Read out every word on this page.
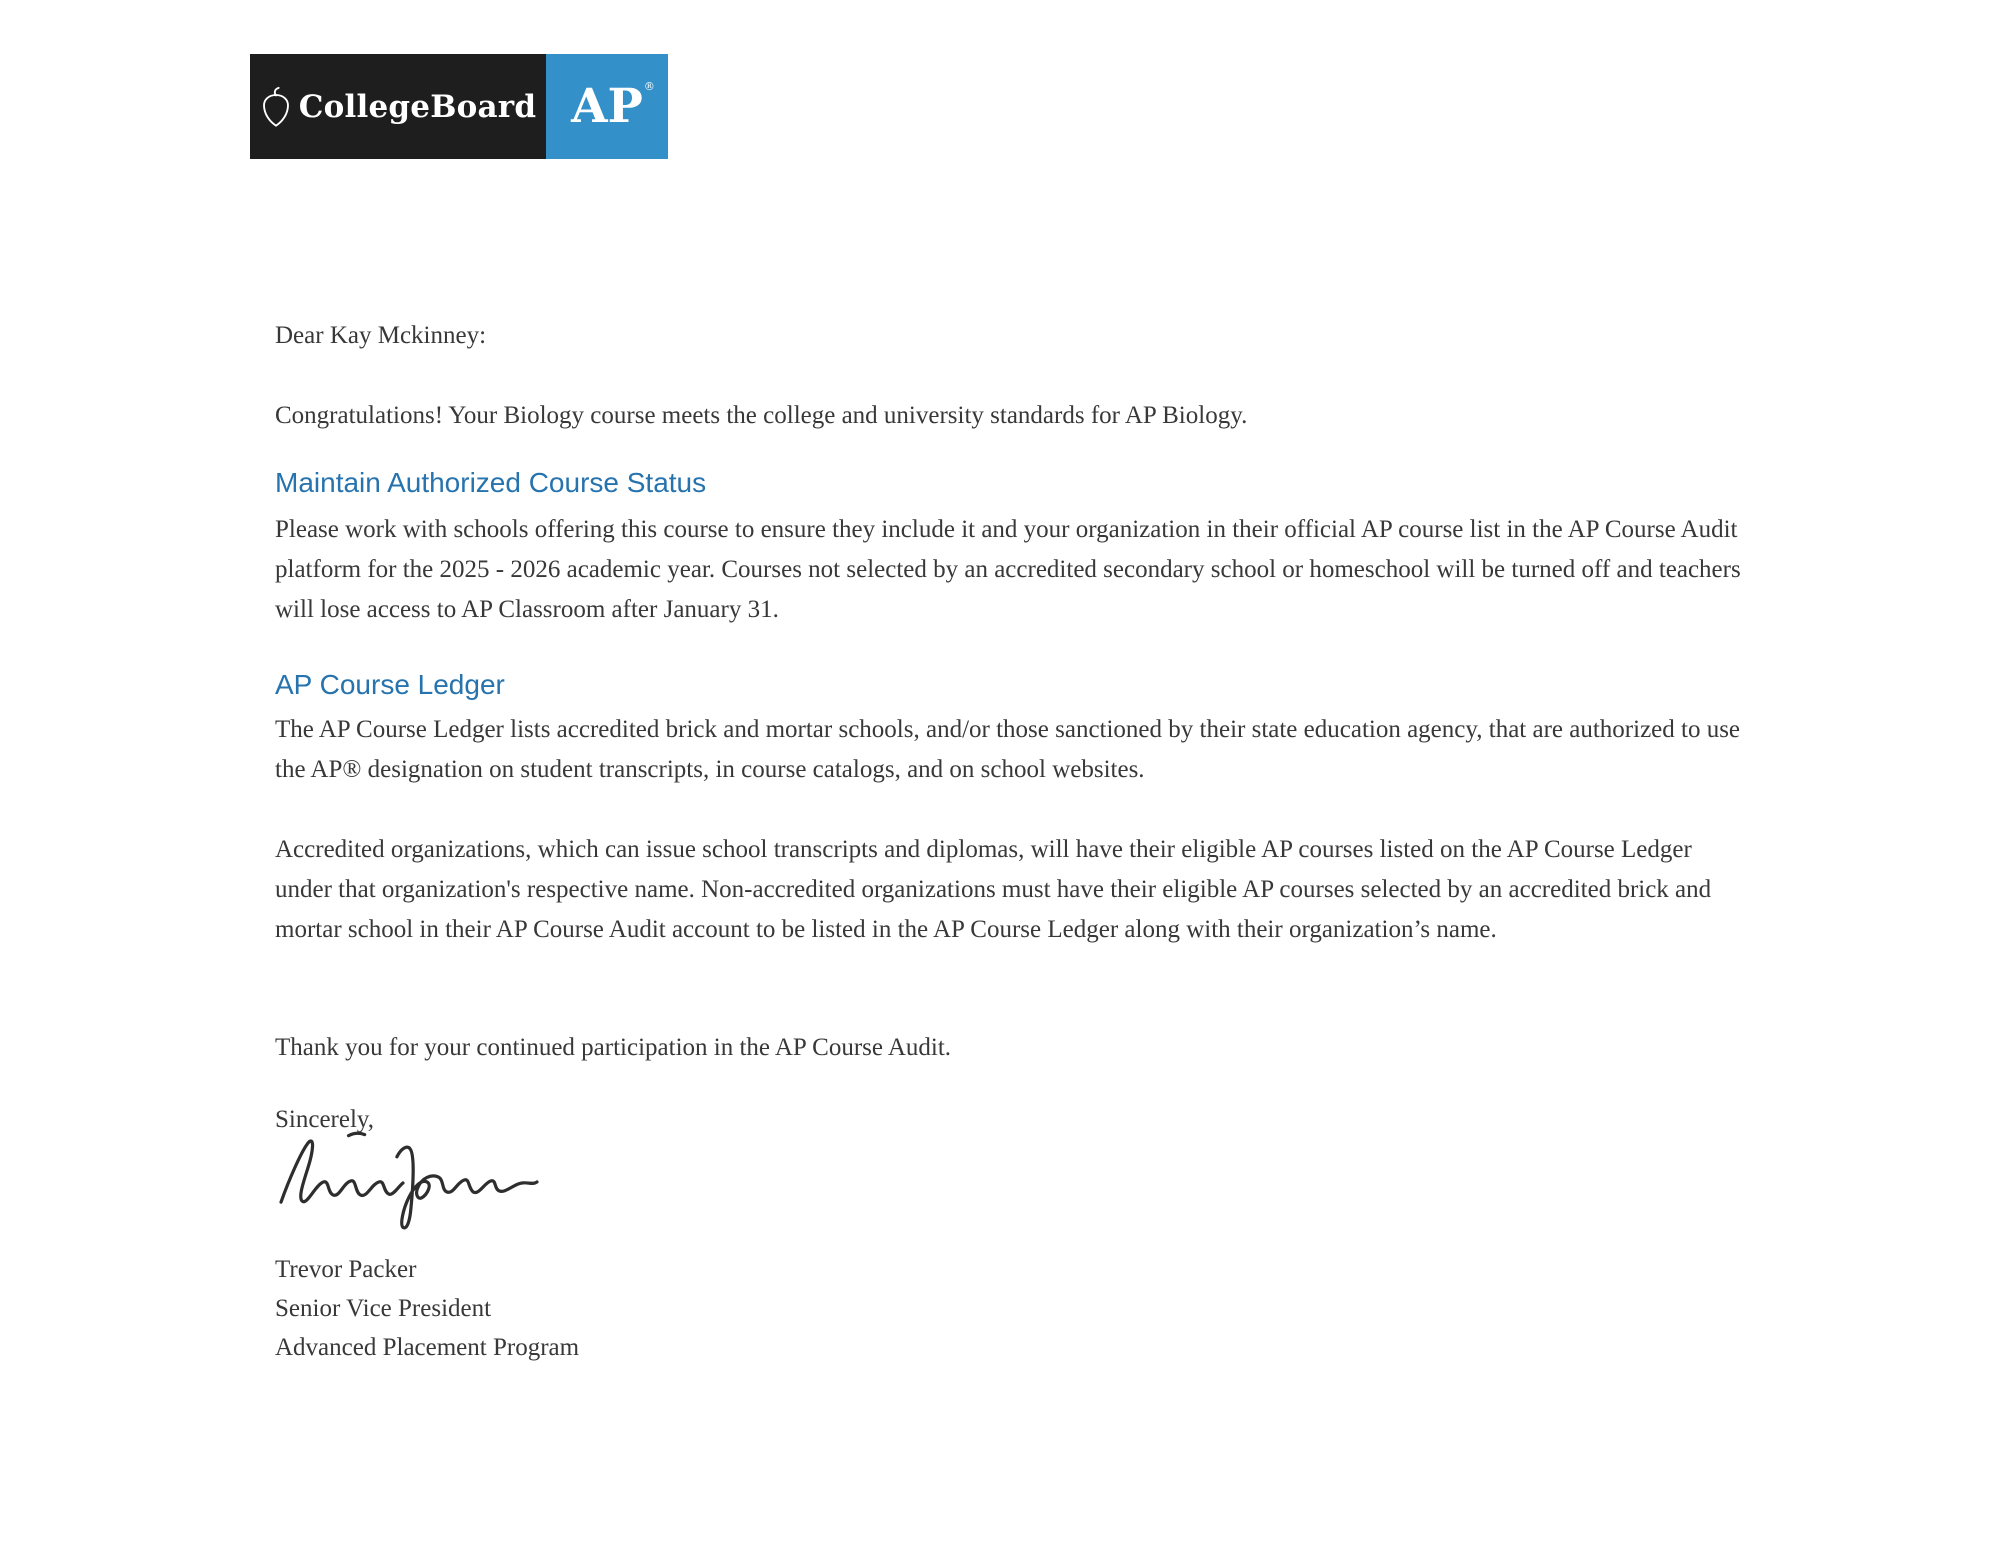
CollegeBoard AP ®
Dear Kay Mckinney:
Congratulations! Your Biology course meets the college and university standards for AP Biology.
Maintain Authorized Course Status
Please work with schools offering this course to ensure they include it and your organization in their official AP course list in the AP Course Audit platform for the 2025 - 2026 academic year. Courses not selected by an accredited secondary school or homeschool will be turned off and teachers will lose access to AP Classroom after January 31.
AP Course Ledger
The AP Course Ledger lists accredited brick and mortar schools, and/or those sanctioned by their state education agency, that are authorized to use the AP® designation on student transcripts, in course catalogs, and on school websites.
Accredited organizations, which can issue school transcripts and diplomas, will have their eligible AP courses listed on the AP Course Ledger under that organization's respective name. Non-accredited organizations must have their eligible AP courses selected by an accredited brick and mortar school in their AP Course Audit account to be listed in the AP Course Ledger along with their organization’s name.
Thank you for your continued participation in the AP Course Audit.
Sincerely,
Trevor Packer
Senior Vice President
Advanced Placement Program
